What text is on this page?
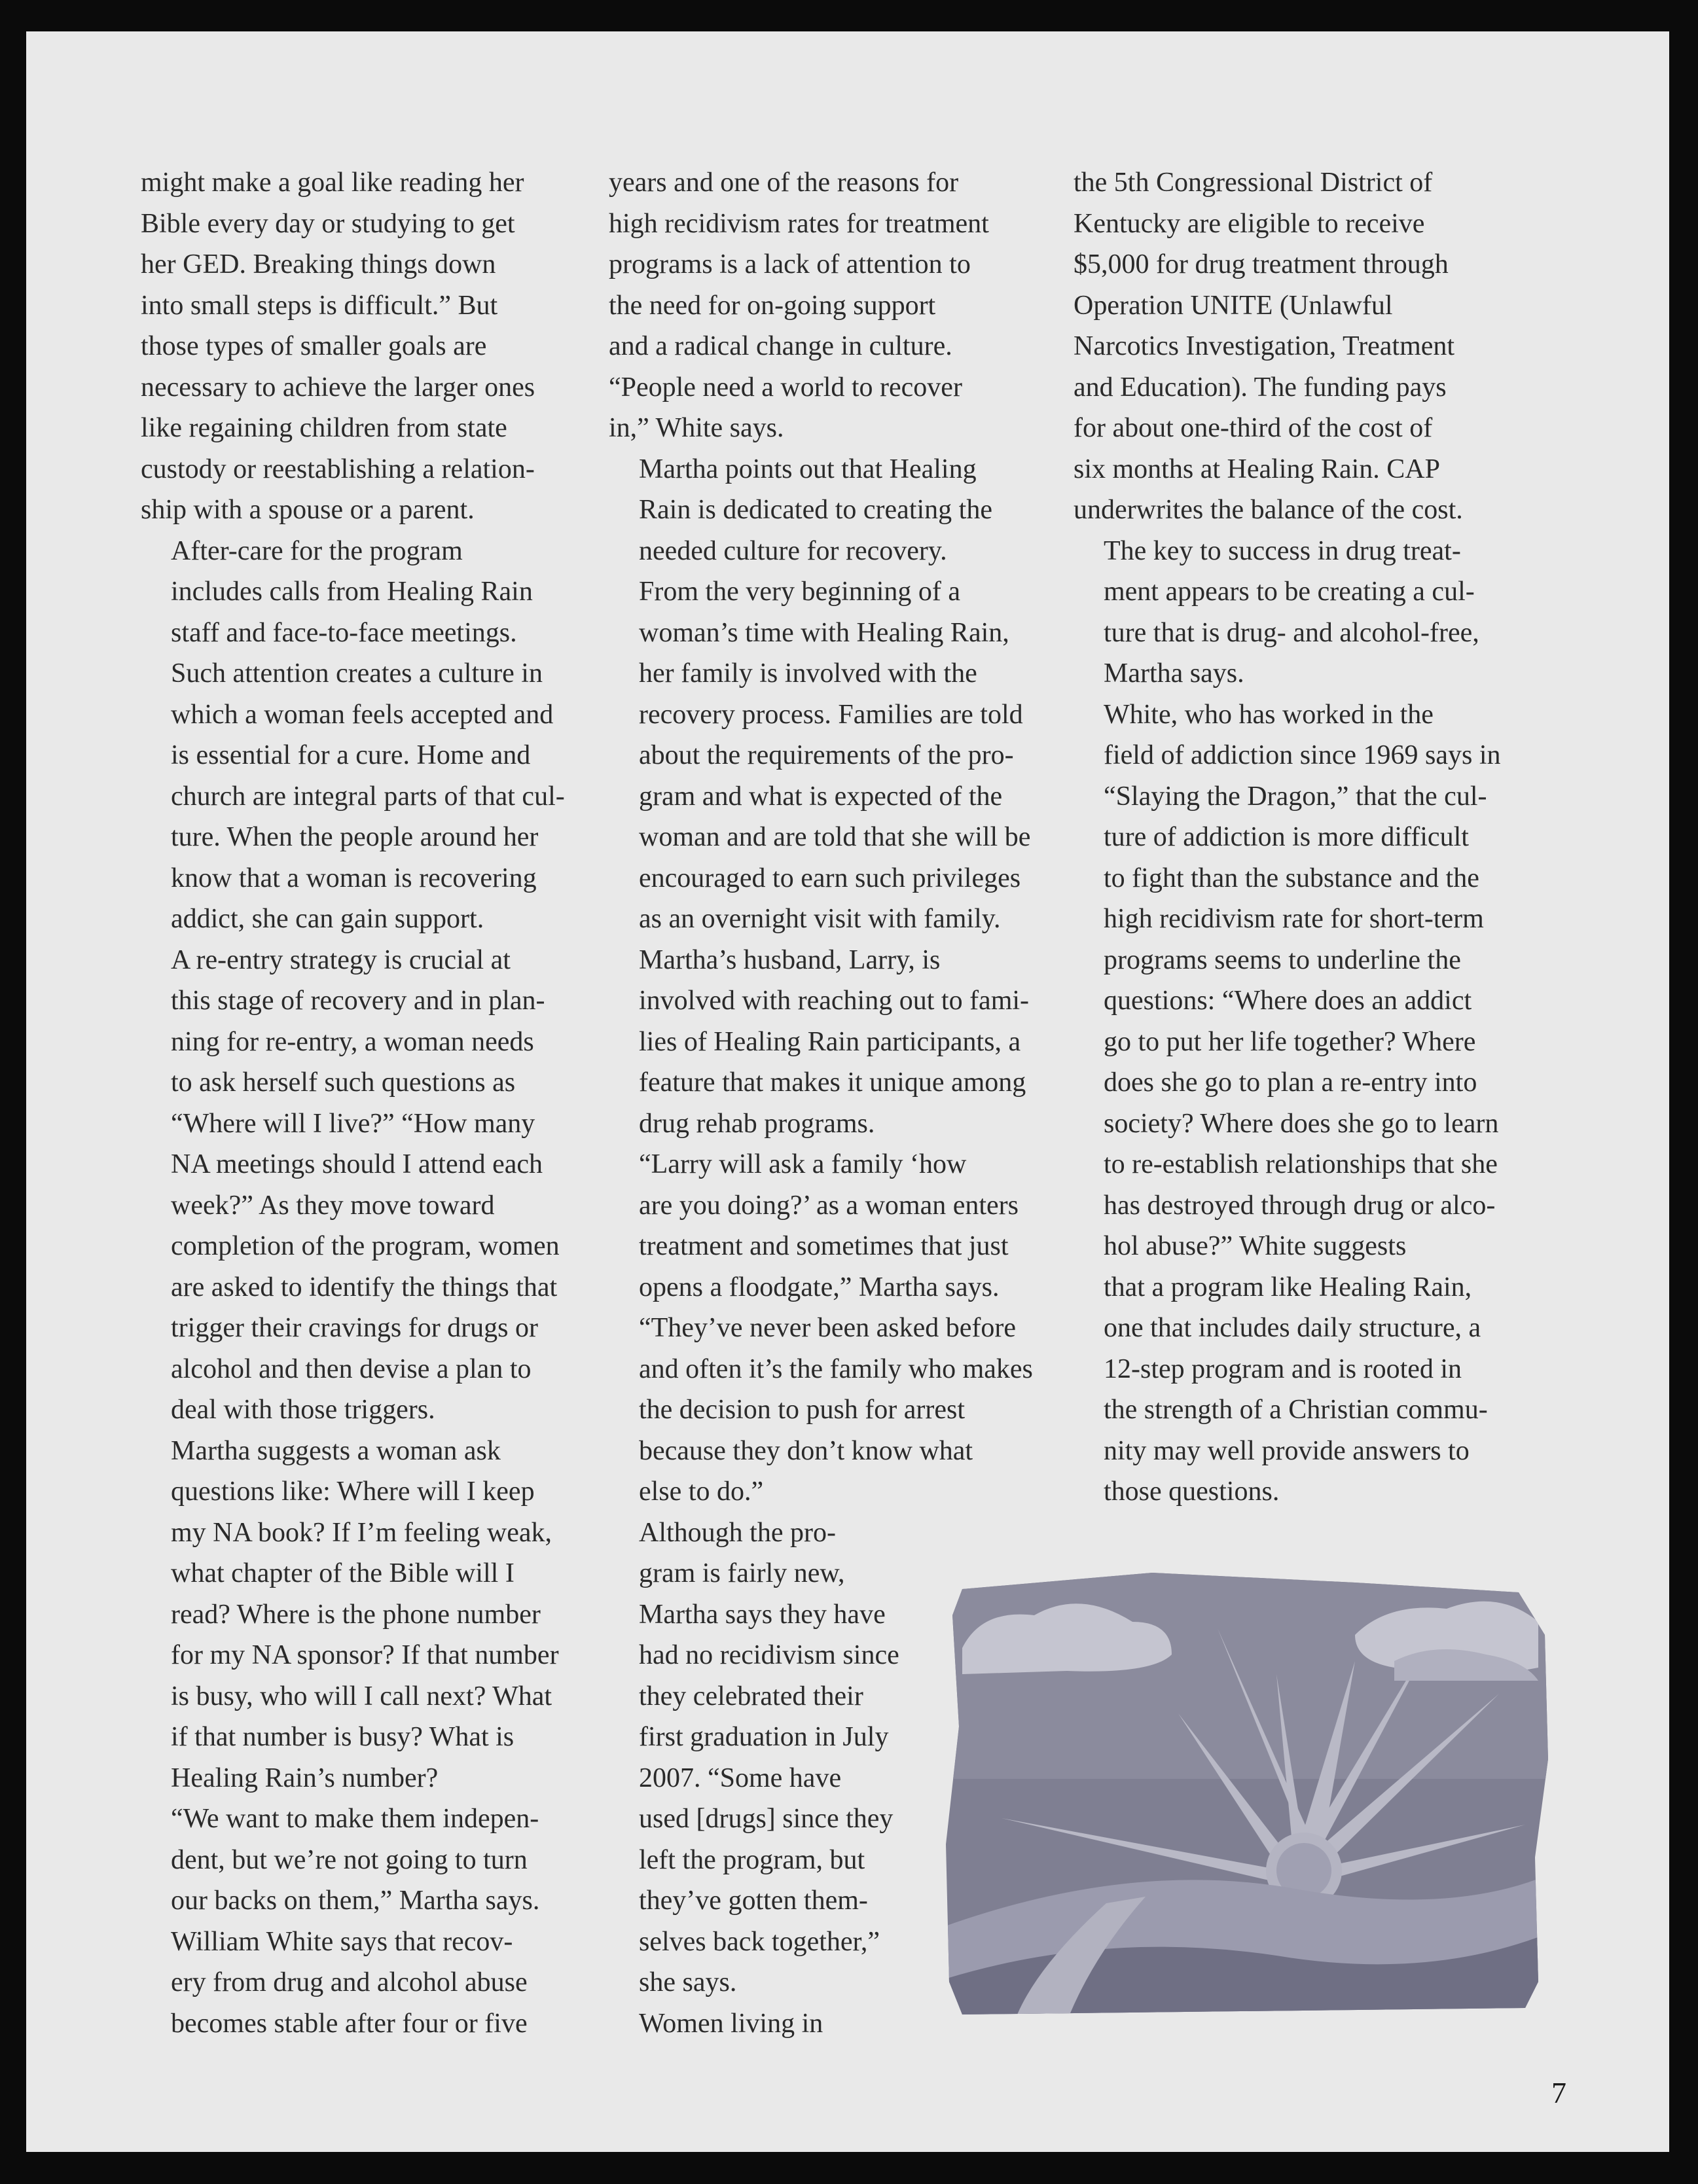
might make a goal like reading her
Bible every day or studying to get
her GED. Breaking things down
into small steps is difficult.” But
those types of smaller goals are
necessary to achieve the larger ones
like regaining children from state
custody or reestablishing a relation-
ship with a spouse or a parent.

After-care for the program
includes calls from Healing Rain
staff and face-to-face meetings.
Such attention creates a culture in
which a woman feels accepted and
is essential for a cure. Home and
church are integral parts of that cul-
ture. When the people around her
know that a woman is recovering
addict, she can gain support.

A re-entry strategy is crucial at
this stage of recovery and in plan-
ning for re-entry, a woman needs
to ask herself such questions as
“Where will I live?” “How many
NA meetings should I attend each
week?” As they move toward
completion of the program, women
are asked to identify the things that
trigger their cravings for drugs or
alcohol and then devise a plan to
deal with those triggers.

Martha suggests a woman ask
questions like: Where will I keep
my NA book? If I’m feeling weak,
what chapter of the Bible will I
read? Where is the phone number
for my NA sponsor? If that number
is busy, who will I call next? What
if that number is busy? What is
Healing Rain’s number?

“We want to make them indepen-
dent, but we’re not going to turn
our backs on them,” Martha says.

William White says that recov-
ery from drug and alcohol abuse
becomes stable after four or five

years and one of the reasons for
high recidivism rates for treatment
programs is a lack of attention to
the need for on-going support
and a radical change in culture.
“People need a world to recover
in,” White says.

Martha points out that Healing
Rain is dedicated to creating the
needed culture for recovery.

From the very beginning of a
woman’s time with Healing Rain,
her family is involved with the
recovery process. Families are told
about the requirements of the pro-
gram and what is expected of the
woman and are told that she will be
encouraged to earn such privileges
as an overnight visit with family.

Martha’s husband, Larry, is
involved with reaching out to fami-
lies of Healing Rain participants, a
feature that makes it unique among
drug rehab programs.

“Larry will ask a family ‘how
are you doing?’ as a woman enters
treatment and sometimes that just
opens a floodgate,” Martha says.
“They’ve never been asked before
and often it’s the family who makes
the decision to push for arrest
because they don’t know what
else to do.”

Although the pro-
gram is fairly new,
Martha says they have
had no recidivism since
they celebrated their
first graduation in July
2007. “Some have
used [drugs] since they
left the program, but
they’ve gotten them-
selves back together,”
she says.

Women living in

the 5th Congressional District of
Kentucky are eligible to receive
$5,000 for drug treatment through
Operation UNITE (Unlawful
Narcotics Investigation, Treatment
and Education). The funding pays
for about one-third of the cost of
six months at Healing Rain. CAP
underwrites the balance of the cost.

The key to success in drug treat-
ment appears to be creating a cul-
ture that is drug- and alcohol-free,
Martha says.

White, who has worked in the
field of addiction since 1969 says in
“Slaying the Dragon,” that the cul-
ture of addiction is more difficult
to fight than the substance and the
high recidivism rate for short-term
programs seems to underline the
questions: “Where does an addict
go to put her life together? Where
does she go to plan a re-entry into
society? Where does she go to learn
to re-establish relationships that she
has destroyed through drug or alco-
hol abuse?” White suggests
that a program like Healing Rain,
one that includes daily structure, a
12-step program and is rooted in
the strength of a Christian commu-
nity may well provide answers to
those questions.

7
